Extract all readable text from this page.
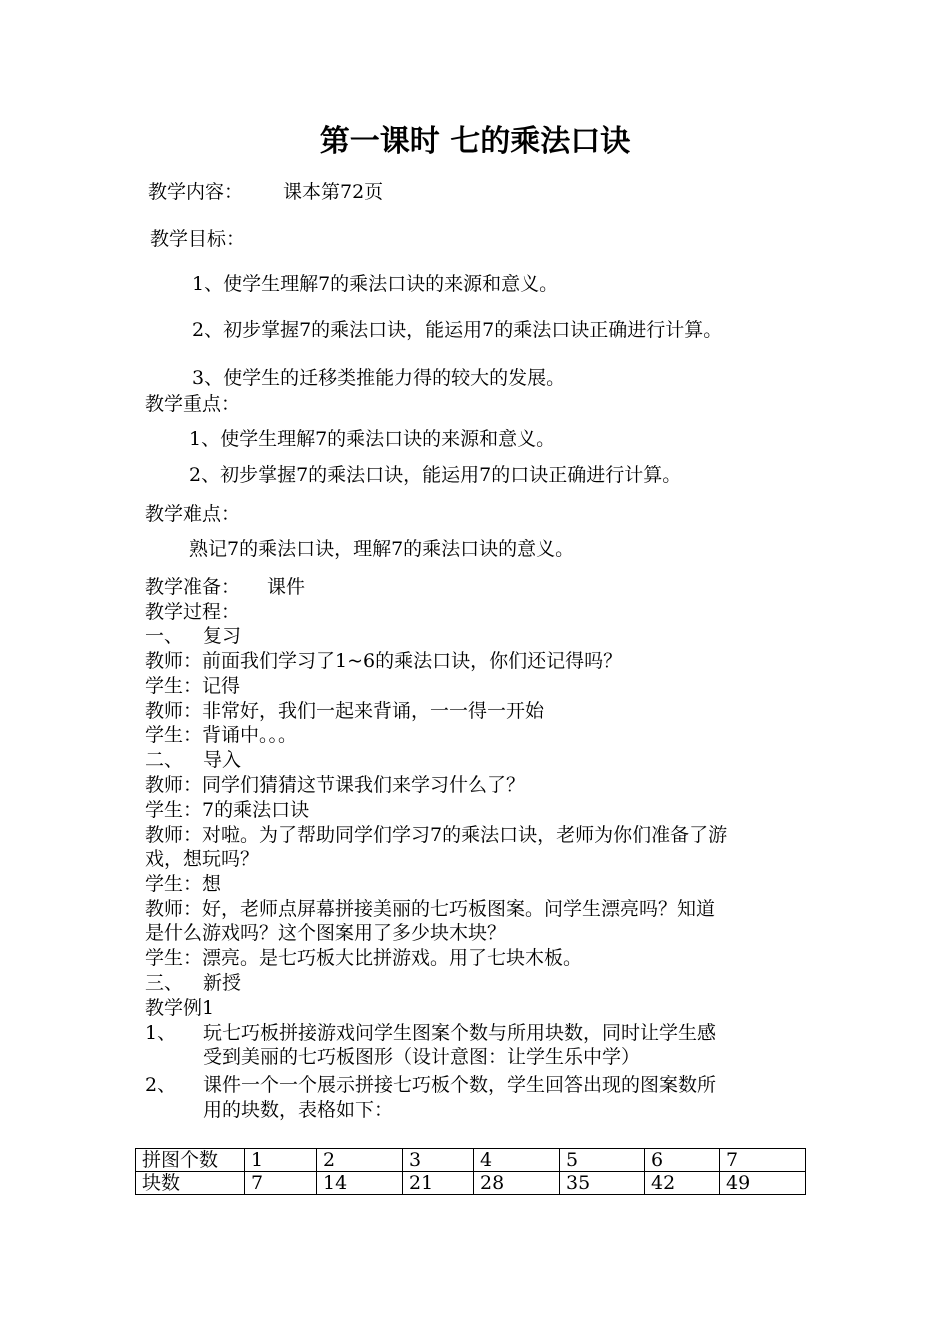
第一课时 七的乘法口诀
教学内容： 课本第72页
教学目标：
1、使学生理解7的乘法口诀的来源和意义。
2、初步掌握7的乘法口诀，能运用7的乘法口诀正确进行计算。
3、使学生的迁移类推能力得的较大的发展。
教学重点：
1、使学生理解7的乘法口诀的来源和意义。
2、初步掌握7的乘法口诀，能运用7的口诀正确进行计算。
教学难点：
熟记7的乘法口诀，理解7的乘法口诀的意义。
教学准备： 课件
教学过程：
一、 复习
教师：前面我们学习了1~6的乘法口诀，你们还记得吗？
学生：记得
教师：非常好，我们一起来背诵，一一得一开始
学生：背诵中。。。
二、 导入
教师：同学们猜猜这节课我们来学习什么了？
学生：7的乘法口诀
教师：对啦。为了帮助同学们学习7的乘法口诀，老师为你们准备了游
戏，想玩吗？
学生：想
教师：好，老师点屏幕拼接美丽的七巧板图案。问学生漂亮吗？知道
是什么游戏吗？这个图案用了多少块木块？
学生：漂亮。是七巧板大比拼游戏。用了七块木板。
三、 新授
教学例1
1、 玩七巧板拼接游戏问学生图案个数与所用块数，同时让学生感
受到美丽的七巧板图形（设计意图：让学生乐中学）
2、 课件一个一个展示拼接七巧板个数，学生回答出现的图案数所
用的块数，表格如下：
拼图个数	1	2	3	4	5	6	7
块数	7	14	21	28	35	42	49
